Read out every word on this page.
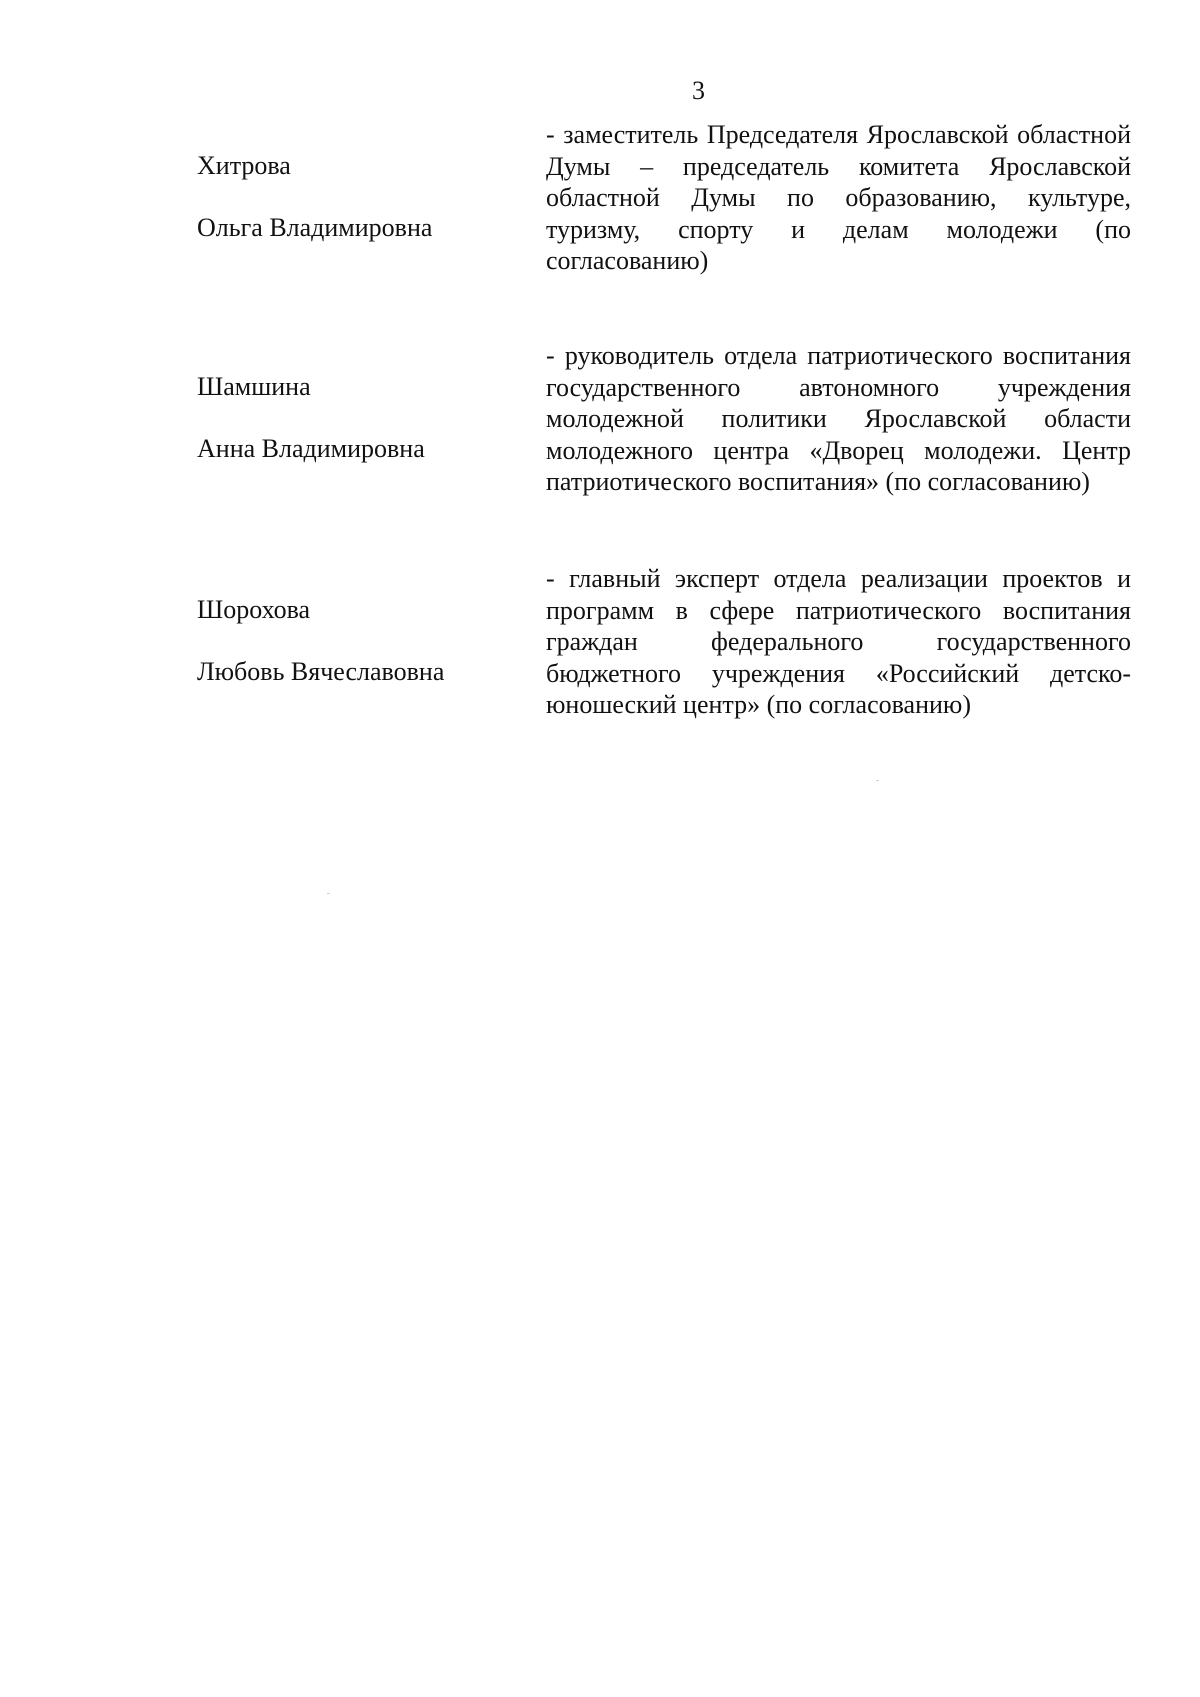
3

Хитрова

Ольга Владимировна

- заместитель Председателя Ярославской областной Думы – председатель комитета Ярославской областной Думы по образованию, культуре, туризму, спорту и делам молодежи (по согласованию)

Шамшина

Анна Владимировна

- руководитель отдела патриотического воспитания государственного автономного учреждения молодежной политики Ярославской области молодежного центра «Дворец молодежи. Центр патриотического воспитания» (по согласованию)

Шорохова

Любовь Вячеславовна

- главный эксперт отдела реализации проектов и программ в сфере патриотического воспитания граждан федерального государственного бюджетного учреждения «Российский детско-юношеский центр» (по согласованию)
